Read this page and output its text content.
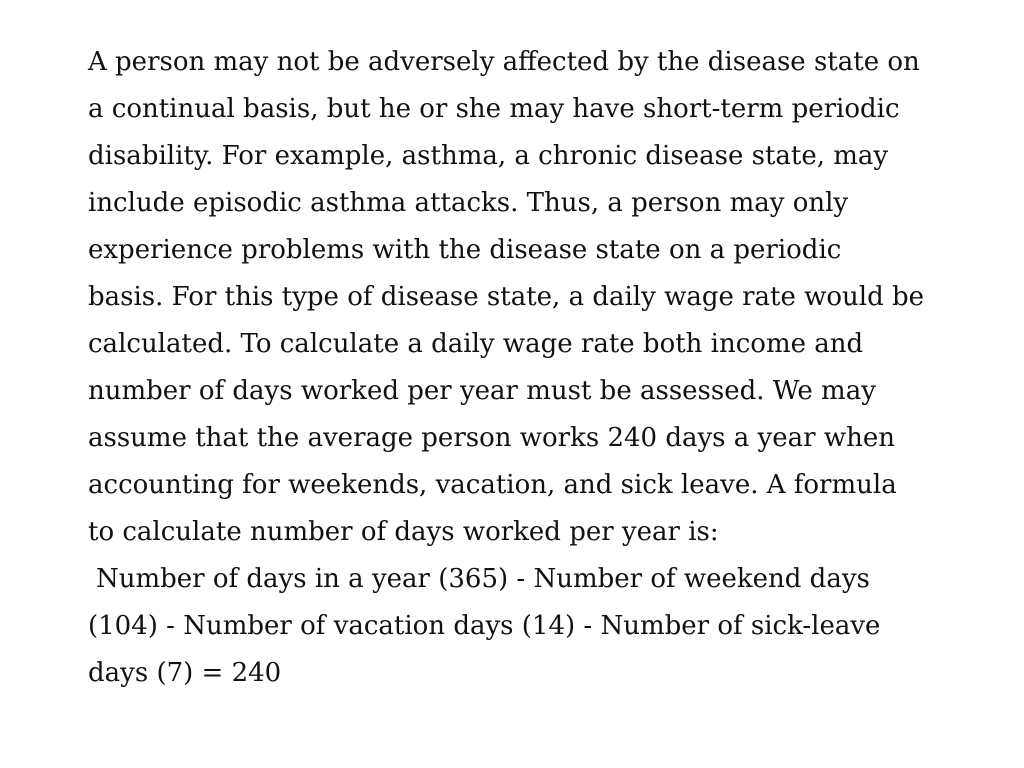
A person may not be adversely affected by the disease state on
a continual basis, but he or she may have short-term periodic
disability. For example, asthma, a chronic disease state, may
include episodic asthma attacks. Thus, a person may only
experience problems with the disease state on a periodic
basis. For this type of disease state, a daily wage rate would be
calculated. To calculate a daily wage rate both income and
number of days worked per year must be assessed. We may
assume that the average person works 240 days a year when
accounting for weekends, vacation, and sick leave. A formula
to calculate number of days worked per year is:
Number of days in a year (365) - Number of weekend days
(104) - Number of vacation days (14) - Number of sick-leave
days (7) = 240
